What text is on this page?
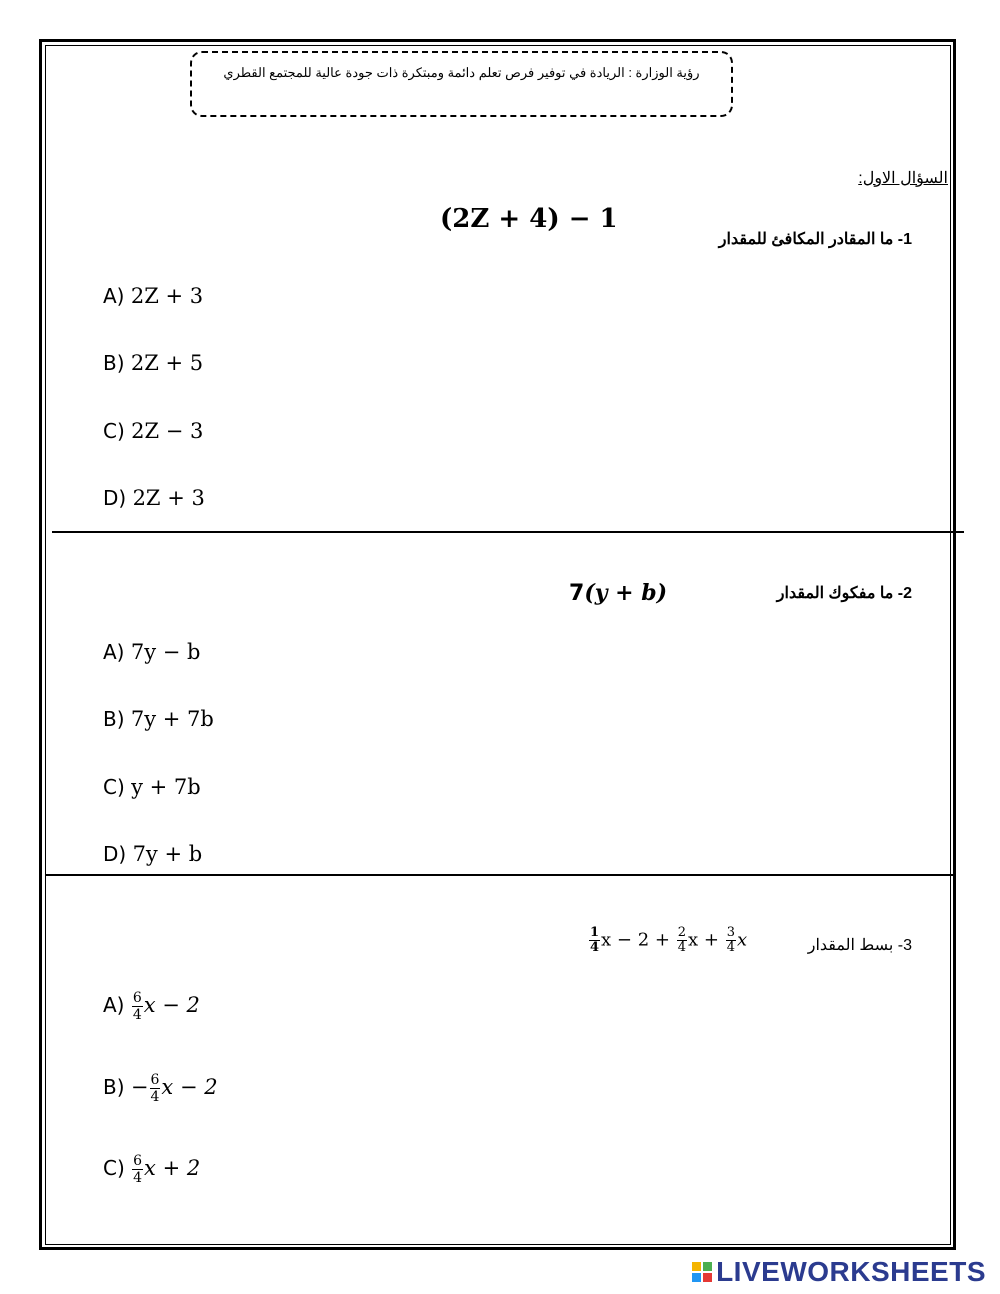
رؤية الوزارة : الريادة في توفير فرص تعلم دائمة ومبتكرة ذات جودة عالية للمجتمع القطري
السؤال الاول:
1- ما المقادر المكافئ للمقدار
(2Z + 4) − 1
A) 2Z + 3
B) 2Z + 5
C) 2Z − 3
D) 2Z + 3
2- ما مفكوك المقدار
7(y + b)
A) 7y − b
B) 7y + 7b
C) y + 7b
D) 7y + b
3- بسط المقدار
$\frac{1}{4}$ $x - 2 + \frac{2}{4}$ $x + \frac{3}{4}$ x
$A) \frac{6}{4}$ x − 2
$B) - \frac{6}{4}$ x − 2
$C) \frac{6}{4}$ x + 2
LIVEWORKSHEETS
